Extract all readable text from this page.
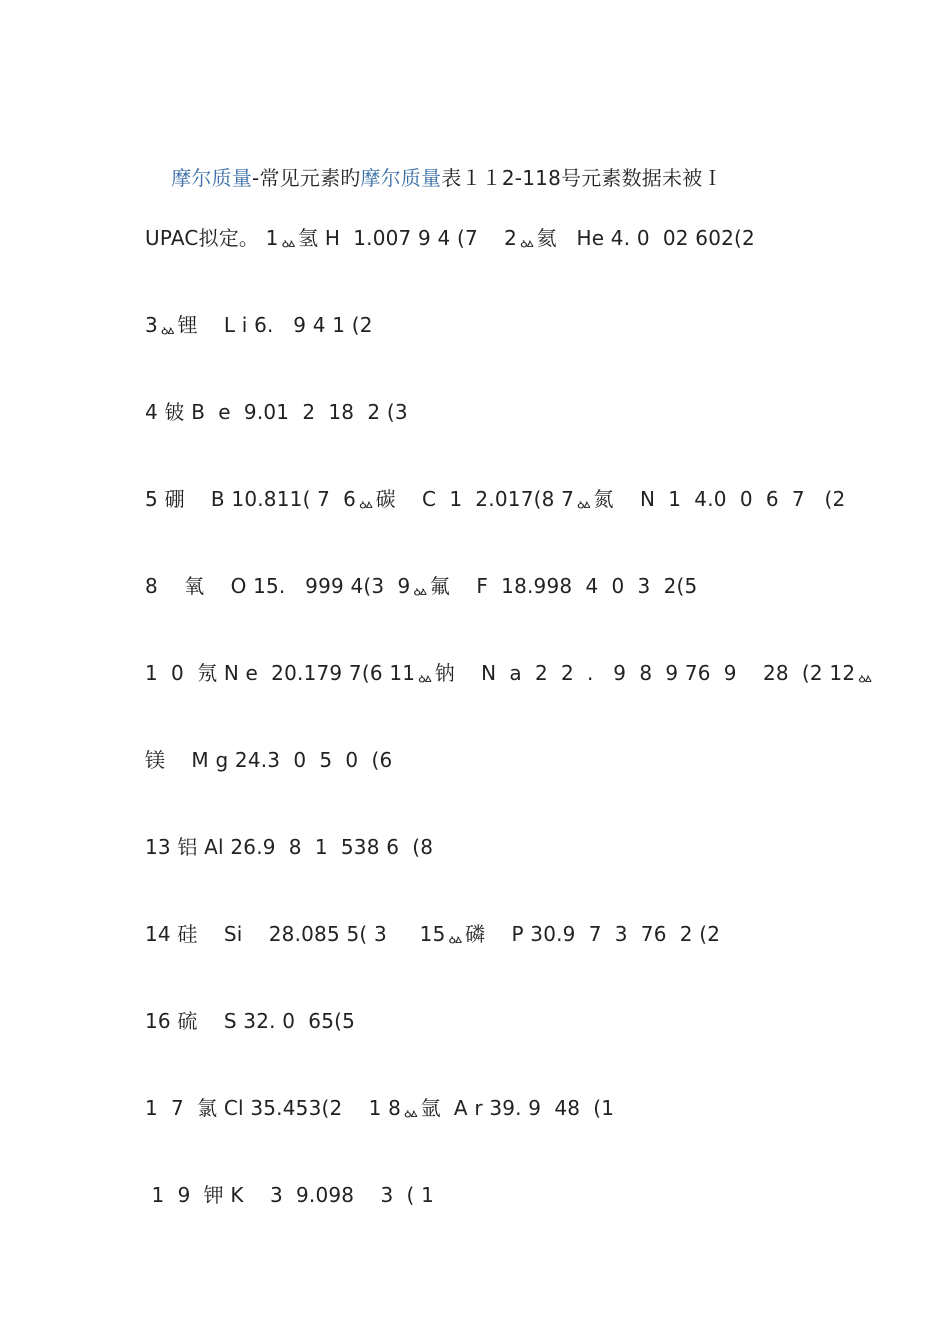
摩尔质量-常见元素旳摩尔质量表１１2-118号元素数据未被Ｉ

UPAC拟定。 1ᇲ氢 H  1.007 9 4 (7    2ᇲ氦   He 4. 0  02 602(2
3ᇲ锂    L i 6.   9 4 1 (2
4 铍 B  e  9.01  2  18  2 (3
5 硼    B 10.811( 7  6ᇲ碳    C  1  2.017(8 7ᇲ氮    N  1  4.0  0  6  7   (2
8    氧    O 15.   999 4(3  9ᇲ氟    F  18.998  4  0  3  2(5
1  0  氖 N e  20.179 7(6 11ᇲ钠    N  a  2  2  .   9  8  9 76  9    28  (2 12ᇲ
镁    M g 24.3  0  5  0  (6
13 铝 Al 26.9  8  1  538 6  (8
14 硅    Si    28.085 5( 3     15ᇲ磷    P 30.9  7  3  76  2 (2
16 硫    S 32. 0  65(5
1  7  氯 Cl 35.453(2    1 8ᇲ氩  A r 39. 9  48  (1
1  9  钾 K    3  9.098    3  ( 1
